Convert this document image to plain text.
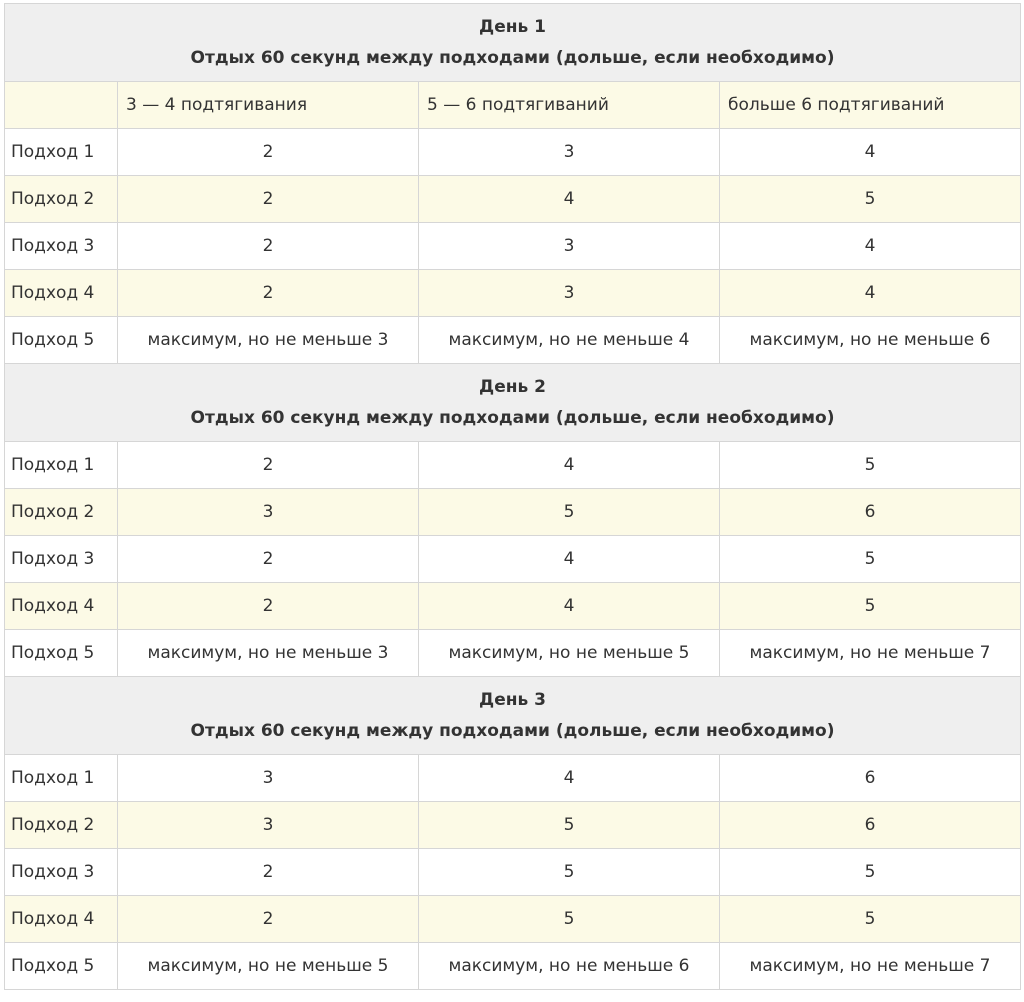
День 1
Отдых 60 секунд между подходами (дольше, если необходимо)			

	3 — 4 подтягивания	5 — 6 подтягиваний	больше 6 подтягиваний
Подход 1	2	3	4
Подход 2	2	4	5
Подход 3	2	3	4
Подход 4	2	3	4
Подход 5	максимум, но не меньше 3	максимум, но не меньше 4	максимум, но не меньше 6

День 2
Отдых 60 секунд между подходами (дольше, если необходимо)			

Подход 1	2	4	5
Подход 2	3	5	6
Подход 3	2	4	5
Подход 4	2	4	5
Подход 5	максимум, но не меньше 3	максимум, но не меньше 5	максимум, но не меньше 7

День 3
Отдых 60 секунд между подходами (дольше, если необходимо)			

Подход 1	3	4	6
Подход 2	3	5	6
Подход 3	2	5	5
Подход 4	2	5	5
Подход 5	максимум, но не меньше 5	максимум, но не меньше 6	максимум, но не меньше 7
